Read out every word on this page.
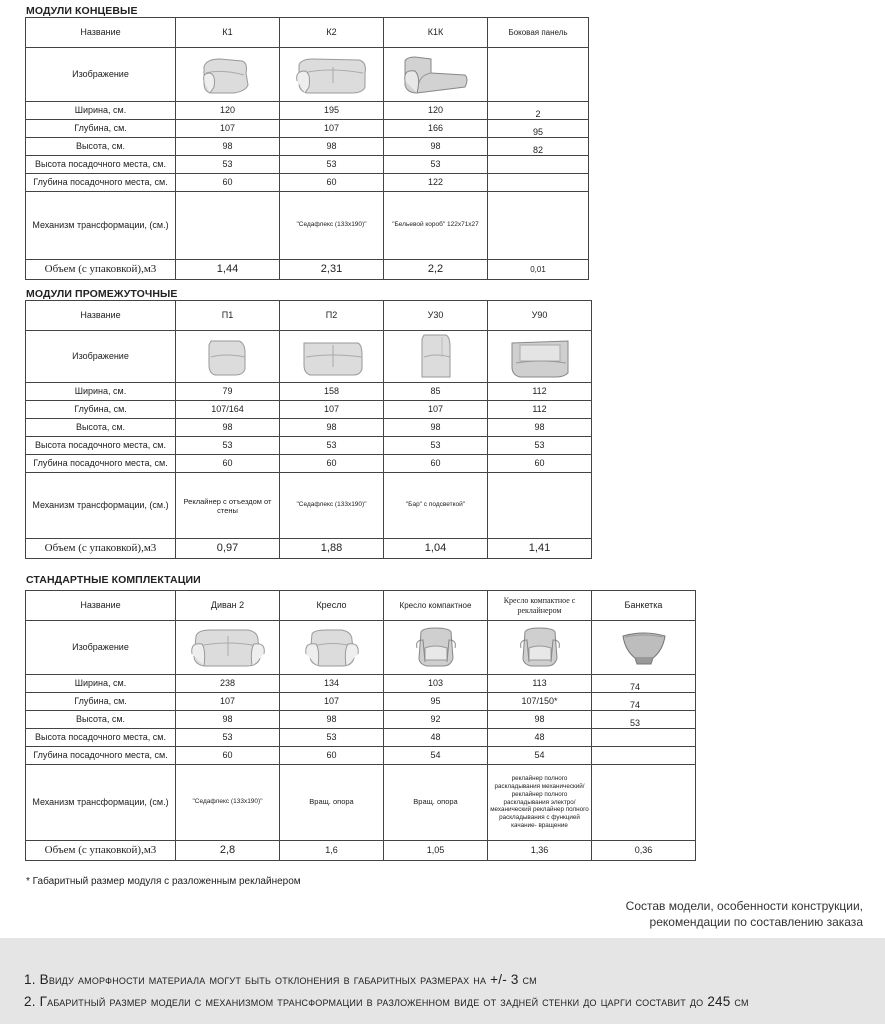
МОДУЛИ КОНЦЕВЫЕ
Название	К1	К2	К1К	Боковая панель
Изображение	

Ширина, см.	120	195	120	2
Глубина, см.	107	107	166	95
Высота, см.	98	98	98	82
Высота посадочного места, см.	53	53	53	
Глубина посадочного места, см.	60	60	122	
Механизм трансформации, (см.)		"Седафлекс (133x190)"	"Бельевой короб" 122x71x27	
Объем (с упаковкой),м3	1,44	2,31	2,2	0,01
МОДУЛИ ПРОМЕЖУТОЧНЫЕ
Название	П1	П2	У30	У90
Изображение	

Ширина, см.	79	158	85	112
Глубина, см.	107/164	107	107	112
Высота, см.	98	98	98	98
Высота посадочного места, см.	53	53	53	53
Глубина посадочного места, см.	60	60	60	60
Механизм трансформации, (см.)	Реклайнер с отъездом от стены	"Седафлекс (133x190)"	"Бар" с подсветкой"	
Объем (с упаковкой),м3	0,97	1,88	1,04	1,41
СТАНДАРТНЫЕ КОМПЛЕКТАЦИИ
Название	Диван 2	Кресло	Кресло компактное	Кресло компактное с реклайнером	Банкетка
Изображение	

Ширина, см.	238	134	103	113	74
Глубина, см.	107	107	95	107/150*	74
Высота, см.	98	98	92	98	53
Высота посадочного места, см.	53	53	48	48	
Глубина посадочного места, см.	60	60	54	54	
Механизм трансформации, (см.)	"Седафлекс (133x190)"	Вращ. опора	Вращ. опора	реклайнер полного раскладывания механический/ реклайнер полного раскладывания электро/ механический реклайнер полного раскладывания с функцией качание- вращение	
Объем (с упаковкой),м3	2,8	1,6	1,05	1,36	0,36
* Габаритный размер модуля с разложенным реклайнером
Состав модели, особенности конструкции, рекомендации по составлению заказа

1. Ввиду аморфности материала могут быть отклонения в габаритных размерах на +/- 3 см

2. Габаритный размер модели с механизмом трансформации в разложенном виде от задней стенки до царги составит до 245 см
